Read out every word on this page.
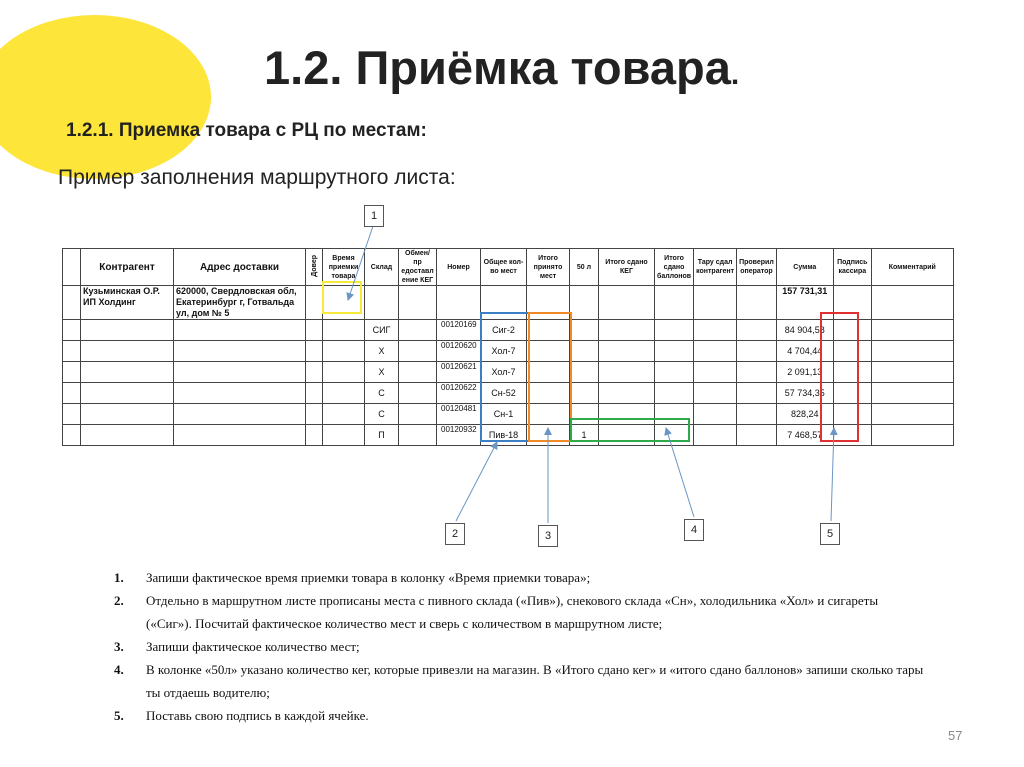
1.2. Приёмка товара.
1.2.1. Приемка товара с РЦ по местам:
Пример заполнения маршрутного листа:
	Контрагент	Адрес доставки	Довер	Время приемки товара	Склад	Обмен/пр едоставл ение КЕГ	Номер	Общее кол-во мест	Итого принято мест	50 л	Итого сдано КЕГ	Итого сдано баллонов	Тару сдал контрагент	Проверил оператор	Сумма	Подпись кассира	Комментарий
	Кузьминская О.Р. ИП Холдинг	620000, Свердловская обл, Екатеринбург г, Готвальда ул, дом № 5													157 731,31		
					СИГ		00120169	Сиг-2							84 904,58		
					Х		00120620	Хол-7							4 704,44		
					Х		00120621	Хол-7							2 091,13		
					С		00120622	Сн-52							57 734,35		
					С		00120481	Сн-1							828,24		
					П		00120932	Пив-18		1					7 468,57		
1
2	3	4	5
1.	Запиши фактическое время приемки товара в колонку «Время приемки товара»;
2.	Отдельно в маршрутном листе прописаны места с пивного склада («Пив»), снекового склада «Сн», холодильника «Хол» и сигареты («Сиг»). Посчитай фактическое количество мест и сверь с количеством в маршрутном листе;
3.	Запиши фактическое количество мест;
4.	В колонке «50л» указано количество кег, которые привезли на магазин. В «Итого сдано кег» и «итого сдано баллонов» запиши сколько тары ты отдаешь водителю;
5.	Поставь свою подпись в каждой ячейке.
57
